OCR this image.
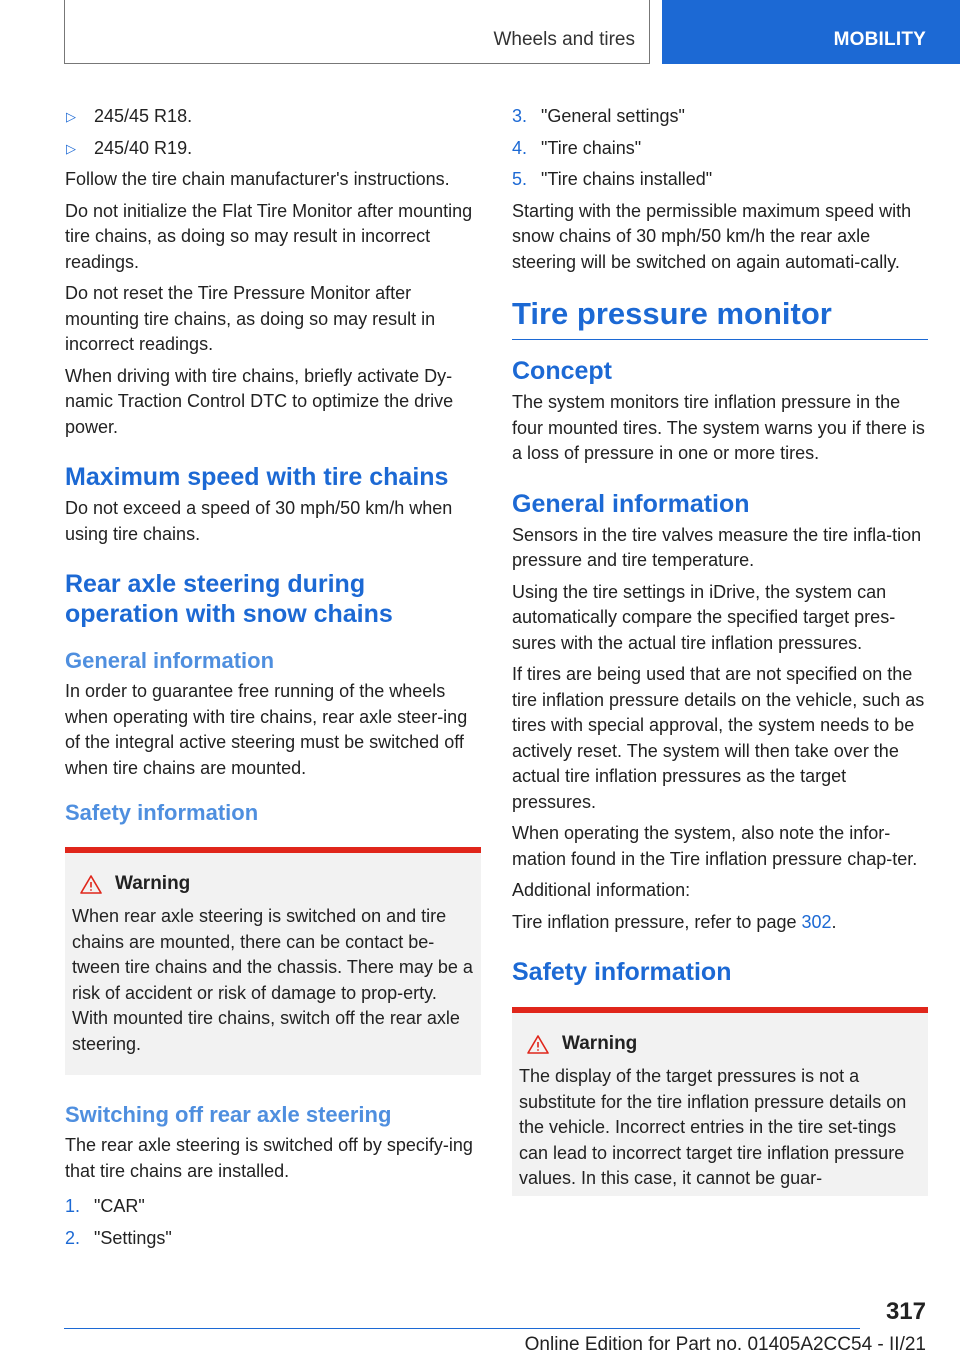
Wheels and tires	MOBILITY
▷	245/45 R18.
▷	245/40 R19.

Follow the tire chain manufacturer's instructions.

Do not initialize the Flat Tire Monitor after mounting tire chains, as doing so may result in incorrect readings.

Do not reset the Tire Pressure Monitor after mounting tire chains, as doing so may result in incorrect readings.

When driving with tire chains, briefly activate Dy-namic Traction Control DTC to optimize the drive power.

Maximum speed with tire chains

Do not exceed a speed of 30 mph/50 km/h when using tire chains.

Rear axle steering during operation with snow chains
General information

In order to guarantee free running of the wheels when operating with tire chains, rear axle steer-ing of the integral active steering must be switched off when tire chains are mounted.

Safety information
Warning

When rear axle steering is switched on and tire chains are mounted, there can be contact be-tween tire chains and the chassis. There may be a risk of accident or risk of damage to prop-erty. With mounted tire chains, switch off the rear axle steering.

Switching off rear axle steering

The rear axle steering is switched off by specify-ing that tire chains are installed.

1. "CAR"
2. "Settings"
3. "General settings"
4. "Tire chains"
5. "Tire chains installed"

Starting with the permissible maximum speed with snow chains of 30 mph/50 km/h the rear axle steering will be switched on again automati-cally.

Tire pressure monitor
Concept

The system monitors tire inflation pressure in the four mounted tires. The system warns you if there is a loss of pressure in one or more tires.

General information

Sensors in the tire valves measure the tire infla-tion pressure and tire temperature.

Using the tire settings in iDrive, the system can automatically compare the specified target pres-sures with the actual tire inflation pressures.

If tires are being used that are not specified on the tire inflation pressure details on the vehicle, such as tires with special approval, the system needs to be actively reset. The system will then take over the actual tire inflation pressures as the target pressures.

When operating the system, also note the infor-mation found in the Tire inflation pressure chap-ter.

Additional information:

Tire inflation pressure, refer to page 302.

Safety information
Warning

The display of the target pressures is not a substitute for the tire inflation pressure details on the vehicle. Incorrect entries in the tire set-tings can lead to incorrect target tire inflation pressure values. In this case, it cannot be guar-

317
Online Edition for Part no. 01405A2CC54 - II/21
